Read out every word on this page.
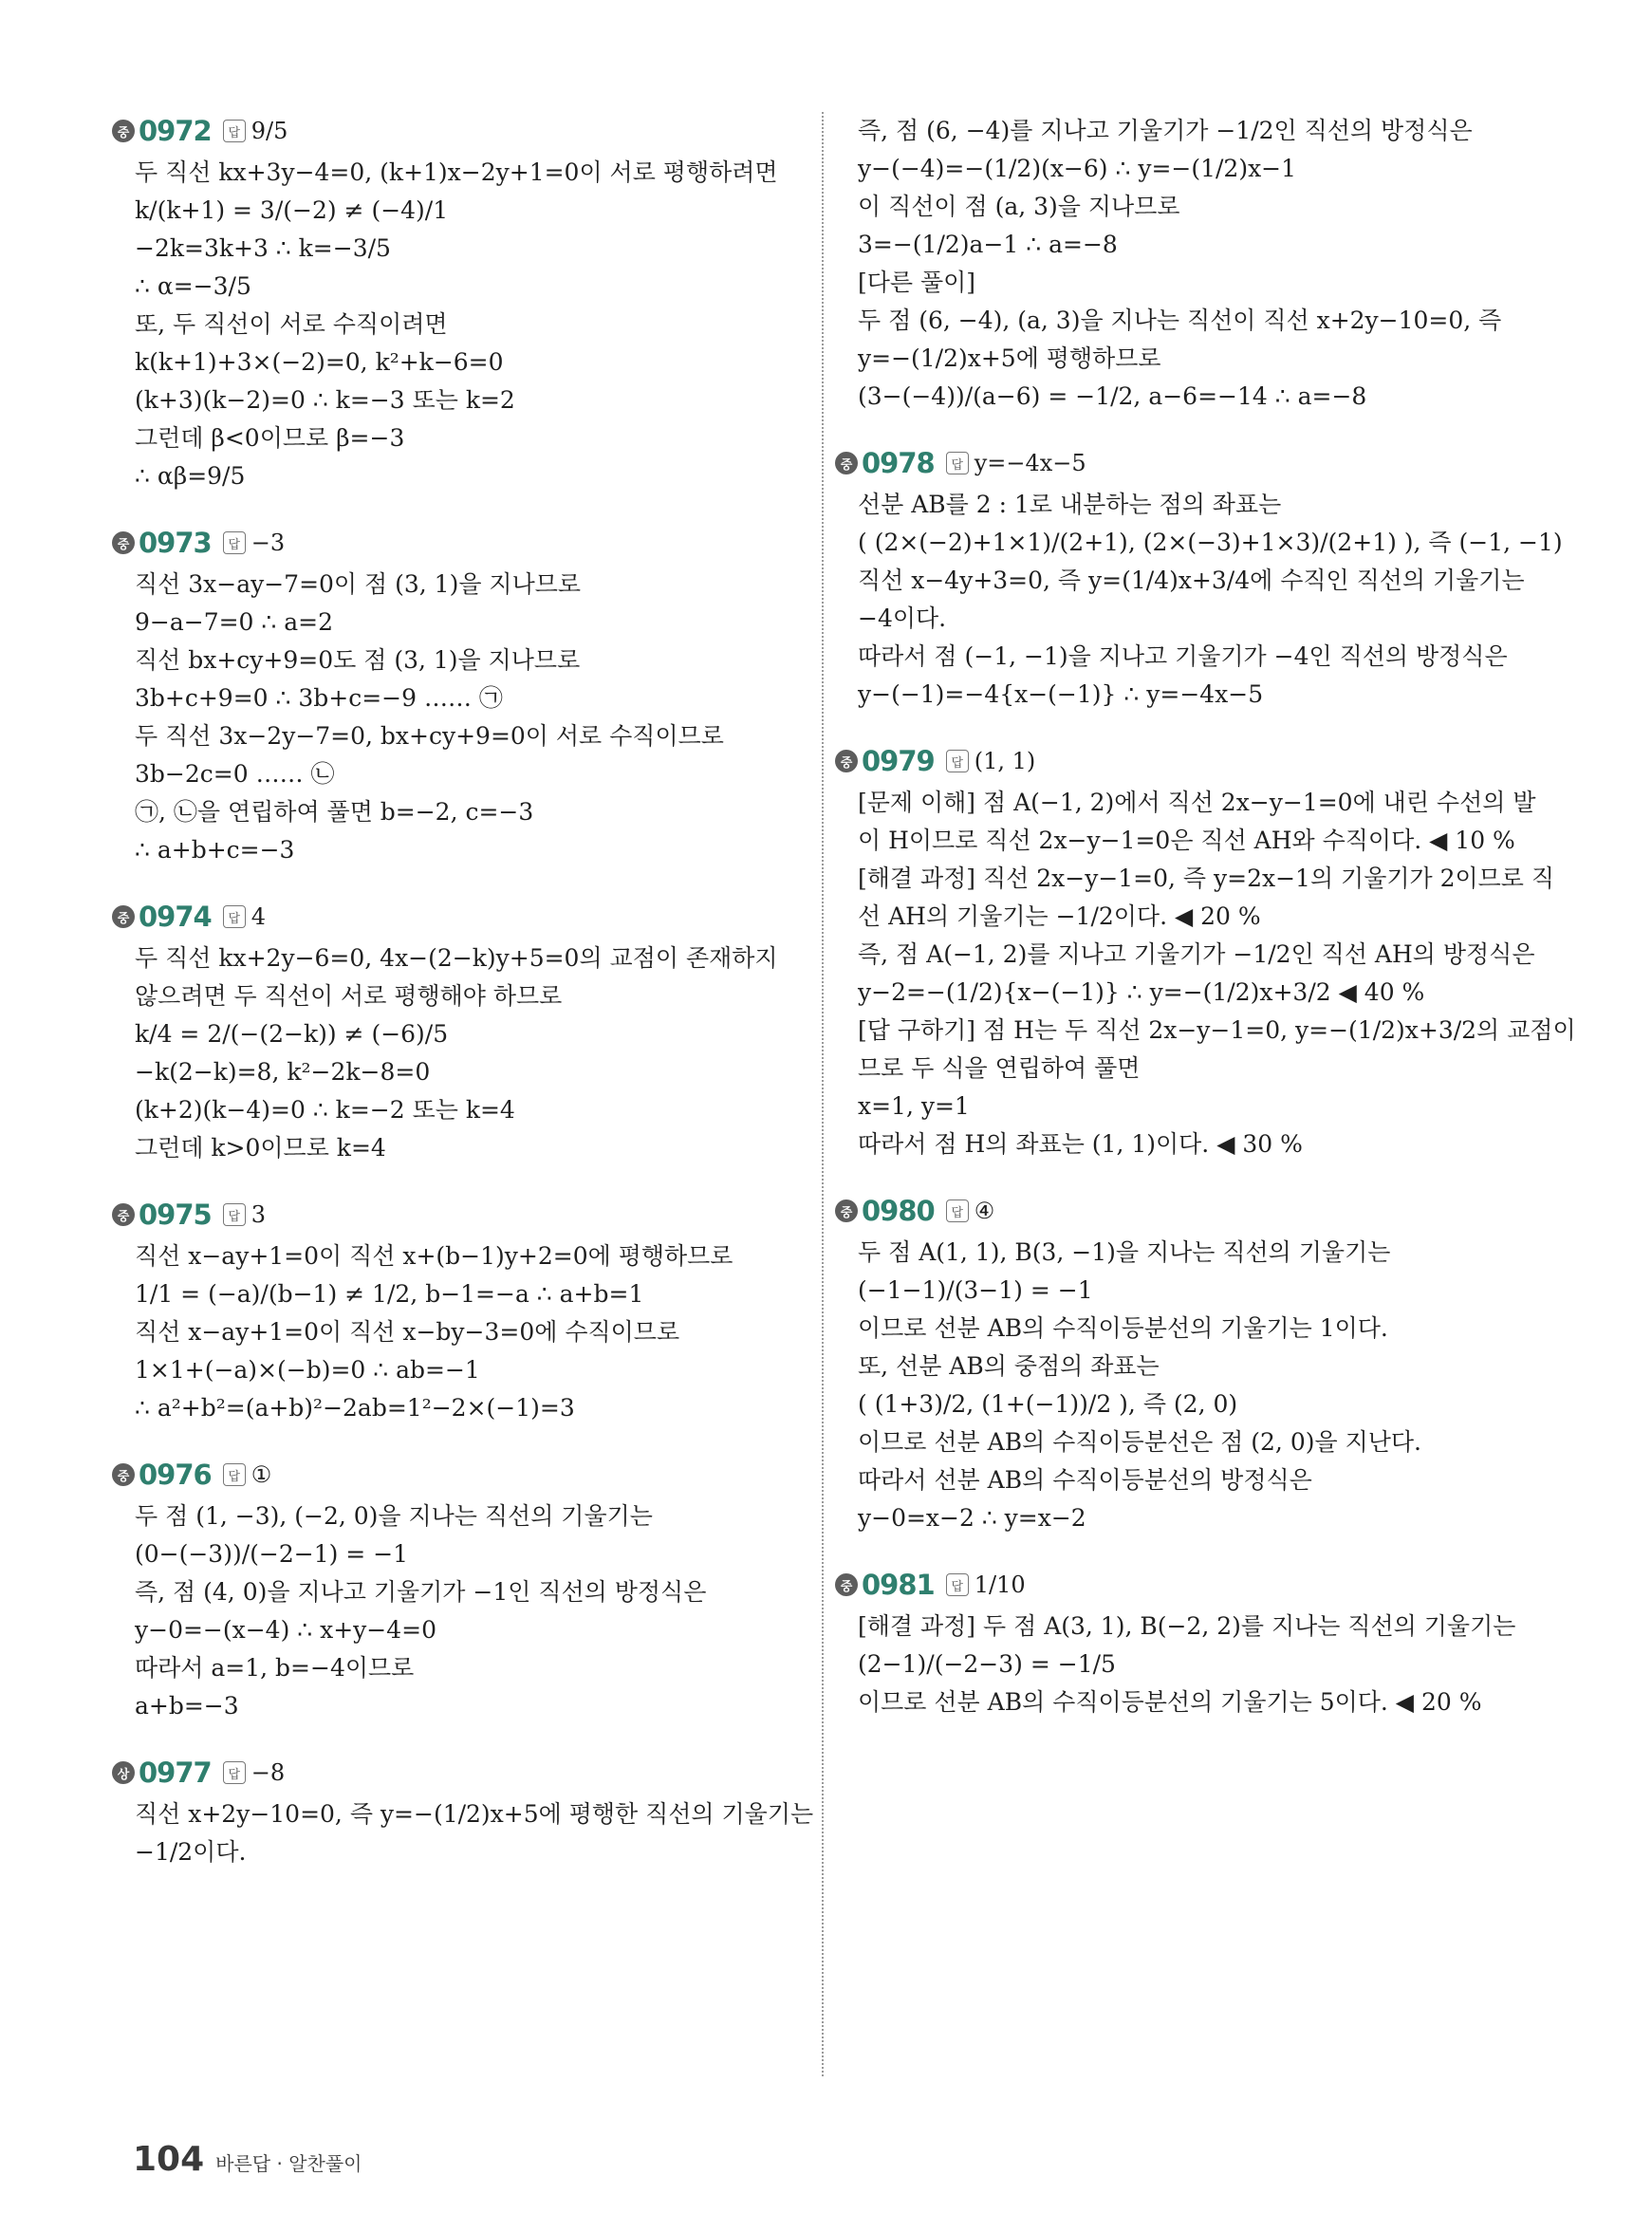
중 0972	답 9/5
두 직선 kx+3y−4=0, (k+1)x−2y+1=0이 서로 평행하려면
k/(k+1) = 3/(−2) ≠ (−4)/1
−2k=3k+3 ∴ k=−3/5
∴ α=−3/5
또, 두 직선이 서로 수직이려면
k(k+1)+3×(−2)=0, k²+k−6=0
(k+3)(k−2)=0 ∴ k=−3 또는 k=2
그런데 β<0이므로 β=−3
∴ αβ=9/5
중 0973	답 −3
직선 3x−ay−7=0이 점 (3, 1)을 지나므로
9−a−7=0 ∴ a=2
직선 bx+cy+9=0도 점 (3, 1)을 지나므로
3b+c+9=0 ∴ 3b+c=−9 …… ㉠
두 직선 3x−2y−7=0, bx+cy+9=0이 서로 수직이므로
3b−2c=0 …… ㉡
㉠, ㉡을 연립하여 풀면 b=−2, c=−3
∴ a+b+c=−3
중 0974	답 4
두 직선 kx+2y−6=0, 4x−(2−k)y+5=0의 교점이 존재하지
않으려면 두 직선이 서로 평행해야 하므로
k/4 = 2/(−(2−k)) ≠ (−6)/5
−k(2−k)=8, k²−2k−8=0
(k+2)(k−4)=0 ∴ k=−2 또는 k=4
그런데 k>0이므로 k=4
중 0975	답 3
직선 x−ay+1=0이 직선 x+(b−1)y+2=0에 평행하므로
1/1 = (−a)/(b−1) ≠ 1/2, b−1=−a ∴ a+b=1
직선 x−ay+1=0이 직선 x−by−3=0에 수직이므로
1×1+(−a)×(−b)=0 ∴ ab=−1
∴ a²+b²=(a+b)²−2ab=1²−2×(−1)=3
중 0976	답 ①
두 점 (1, −3), (−2, 0)을 지나는 직선의 기울기는
(0−(−3))/(−2−1) = −1
즉, 점 (4, 0)을 지나고 기울기가 −1인 직선의 방정식은
y−0=−(x−4) ∴ x+y−4=0
따라서 a=1, b=−4이므로
a+b=−3
상 0977	답 −8
직선 x+2y−10=0, 즉 y=−(1/2)x+5에 평행한 직선의 기울기는
−1/2이다.
즉, 점 (6, −4)를 지나고 기울기가 −1/2인 직선의 방정식은
y−(−4)=−(1/2)(x−6) ∴ y=−(1/2)x−1
이 직선이 점 (a, 3)을 지나므로
3=−(1/2)a−1 ∴ a=−8
[다른 풀이]
두 점 (6, −4), (a, 3)을 지나는 직선이 직선 x+2y−10=0, 즉
y=−(1/2)x+5에 평행하므로
(3−(−4))/(a−6) = −1/2, a−6=−14 ∴ a=−8
중 0978	답 y=−4x−5
선분 AB를 2 : 1로 내분하는 점의 좌표는
( (2×(−2)+1×1)/(2+1), (2×(−3)+1×3)/(2+1) ), 즉 (−1, −1)
직선 x−4y+3=0, 즉 y=(1/4)x+3/4에 수직인 직선의 기울기는
−4이다.
따라서 점 (−1, −1)을 지나고 기울기가 −4인 직선의 방정식은
y−(−1)=−4{x−(−1)} ∴ y=−4x−5
중 0979	답 (1, 1)
[문제 이해] 점 A(−1, 2)에서 직선 2x−y−1=0에 내린 수선의 발
이 H이므로 직선 2x−y−1=0은 직선 AH와 수직이다. ◀ 10 %
[해결 과정] 직선 2x−y−1=0, 즉 y=2x−1의 기울기가 2이므로 직
선 AH의 기울기는 −1/2이다. ◀ 20 %
즉, 점 A(−1, 2)를 지나고 기울기가 −1/2인 직선 AH의 방정식은
y−2=−(1/2){x−(−1)} ∴ y=−(1/2)x+3/2 ◀ 40 %
[답 구하기] 점 H는 두 직선 2x−y−1=0, y=−(1/2)x+3/2의 교점이
므로 두 식을 연립하여 풀면
x=1, y=1
따라서 점 H의 좌표는 (1, 1)이다. ◀ 30 %
중 0980	답 ④
두 점 A(1, 1), B(3, −1)을 지나는 직선의 기울기는
(−1−1)/(3−1) = −1
이므로 선분 AB의 수직이등분선의 기울기는 1이다.
또, 선분 AB의 중점의 좌표는
( (1+3)/2, (1+(−1))/2 ), 즉 (2, 0)
이므로 선분 AB의 수직이등분선은 점 (2, 0)을 지난다.
따라서 선분 AB의 수직이등분선의 방정식은
y−0=x−2 ∴ y=x−2
중 0981	답 1/10
[해결 과정] 두 점 A(3, 1), B(−2, 2)를 지나는 직선의 기울기는
(2−1)/(−2−3) = −1/5
이므로 선분 AB의 수직이등분선의 기울기는 5이다. ◀ 20 %
104 바른답 · 알찬풀이
